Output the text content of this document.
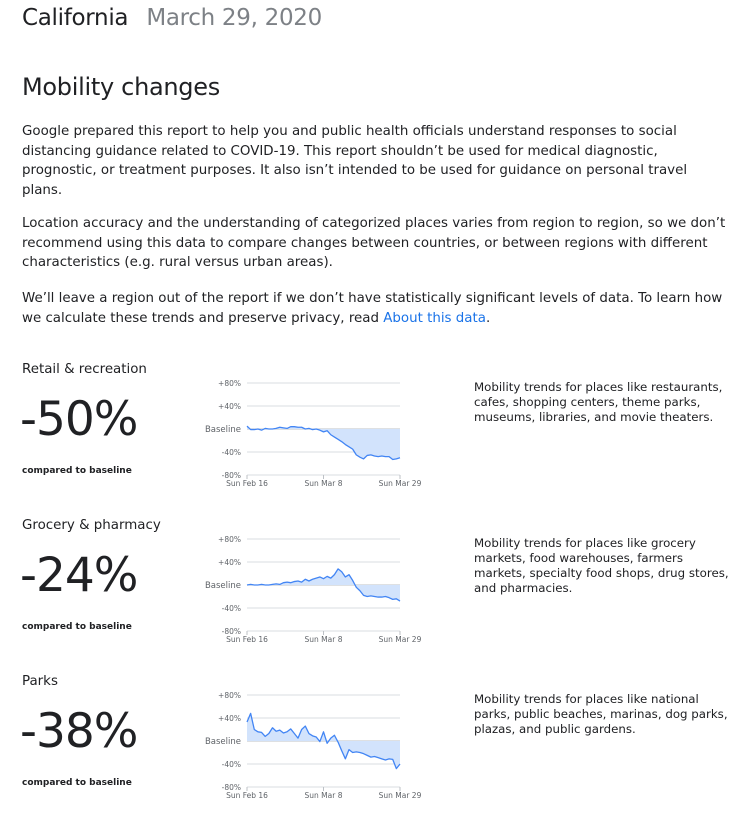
California March 29, 2020
Mobility changes

Google prepared this report to help you and public health officials understand responses to social distancing guidance related to COVID-19. This report shouldn’t be used for medical diagnostic, prognostic, or treatment purposes. It also isn’t intended to be used for guidance on personal travel plans.

Location accuracy and the understanding of categorized places varies from region to region, so we don’t recommend using this data to compare changes between countries, or between regions with different characteristics (e.g. rural versus urban areas).

We’ll leave a region out of the report if we don’t have statistically significant levels of data. To learn how we calculate these trends and preserve privacy, read About this data.

Retail & recreation
-50%
compared to baseline
+80%
+40%
Baseline
-40%
-80%
Sun Feb 16	Sun Mar 8	Sun Mar 29
Mobility trends for places like restaurants, cafes, shopping centers, theme parks, museums, libraries, and movie theaters.
Grocery & pharmacy
-24%
compared to baseline
+80%
+40%
Baseline
-40%
-80%
Sun Feb 16	Sun Mar 8	Sun Mar 29
Mobility trends for places like grocery markets, food warehouses, farmers markets, specialty food shops, drug stores, and pharmacies.
Parks
-38%
compared to baseline
+80%
+40%
Baseline
-40%
-80%
Sun Feb 16	Sun Mar 8	Sun Mar 29
Mobility trends for places like national parks, public beaches, marinas, dog parks, plazas, and public gardens.
